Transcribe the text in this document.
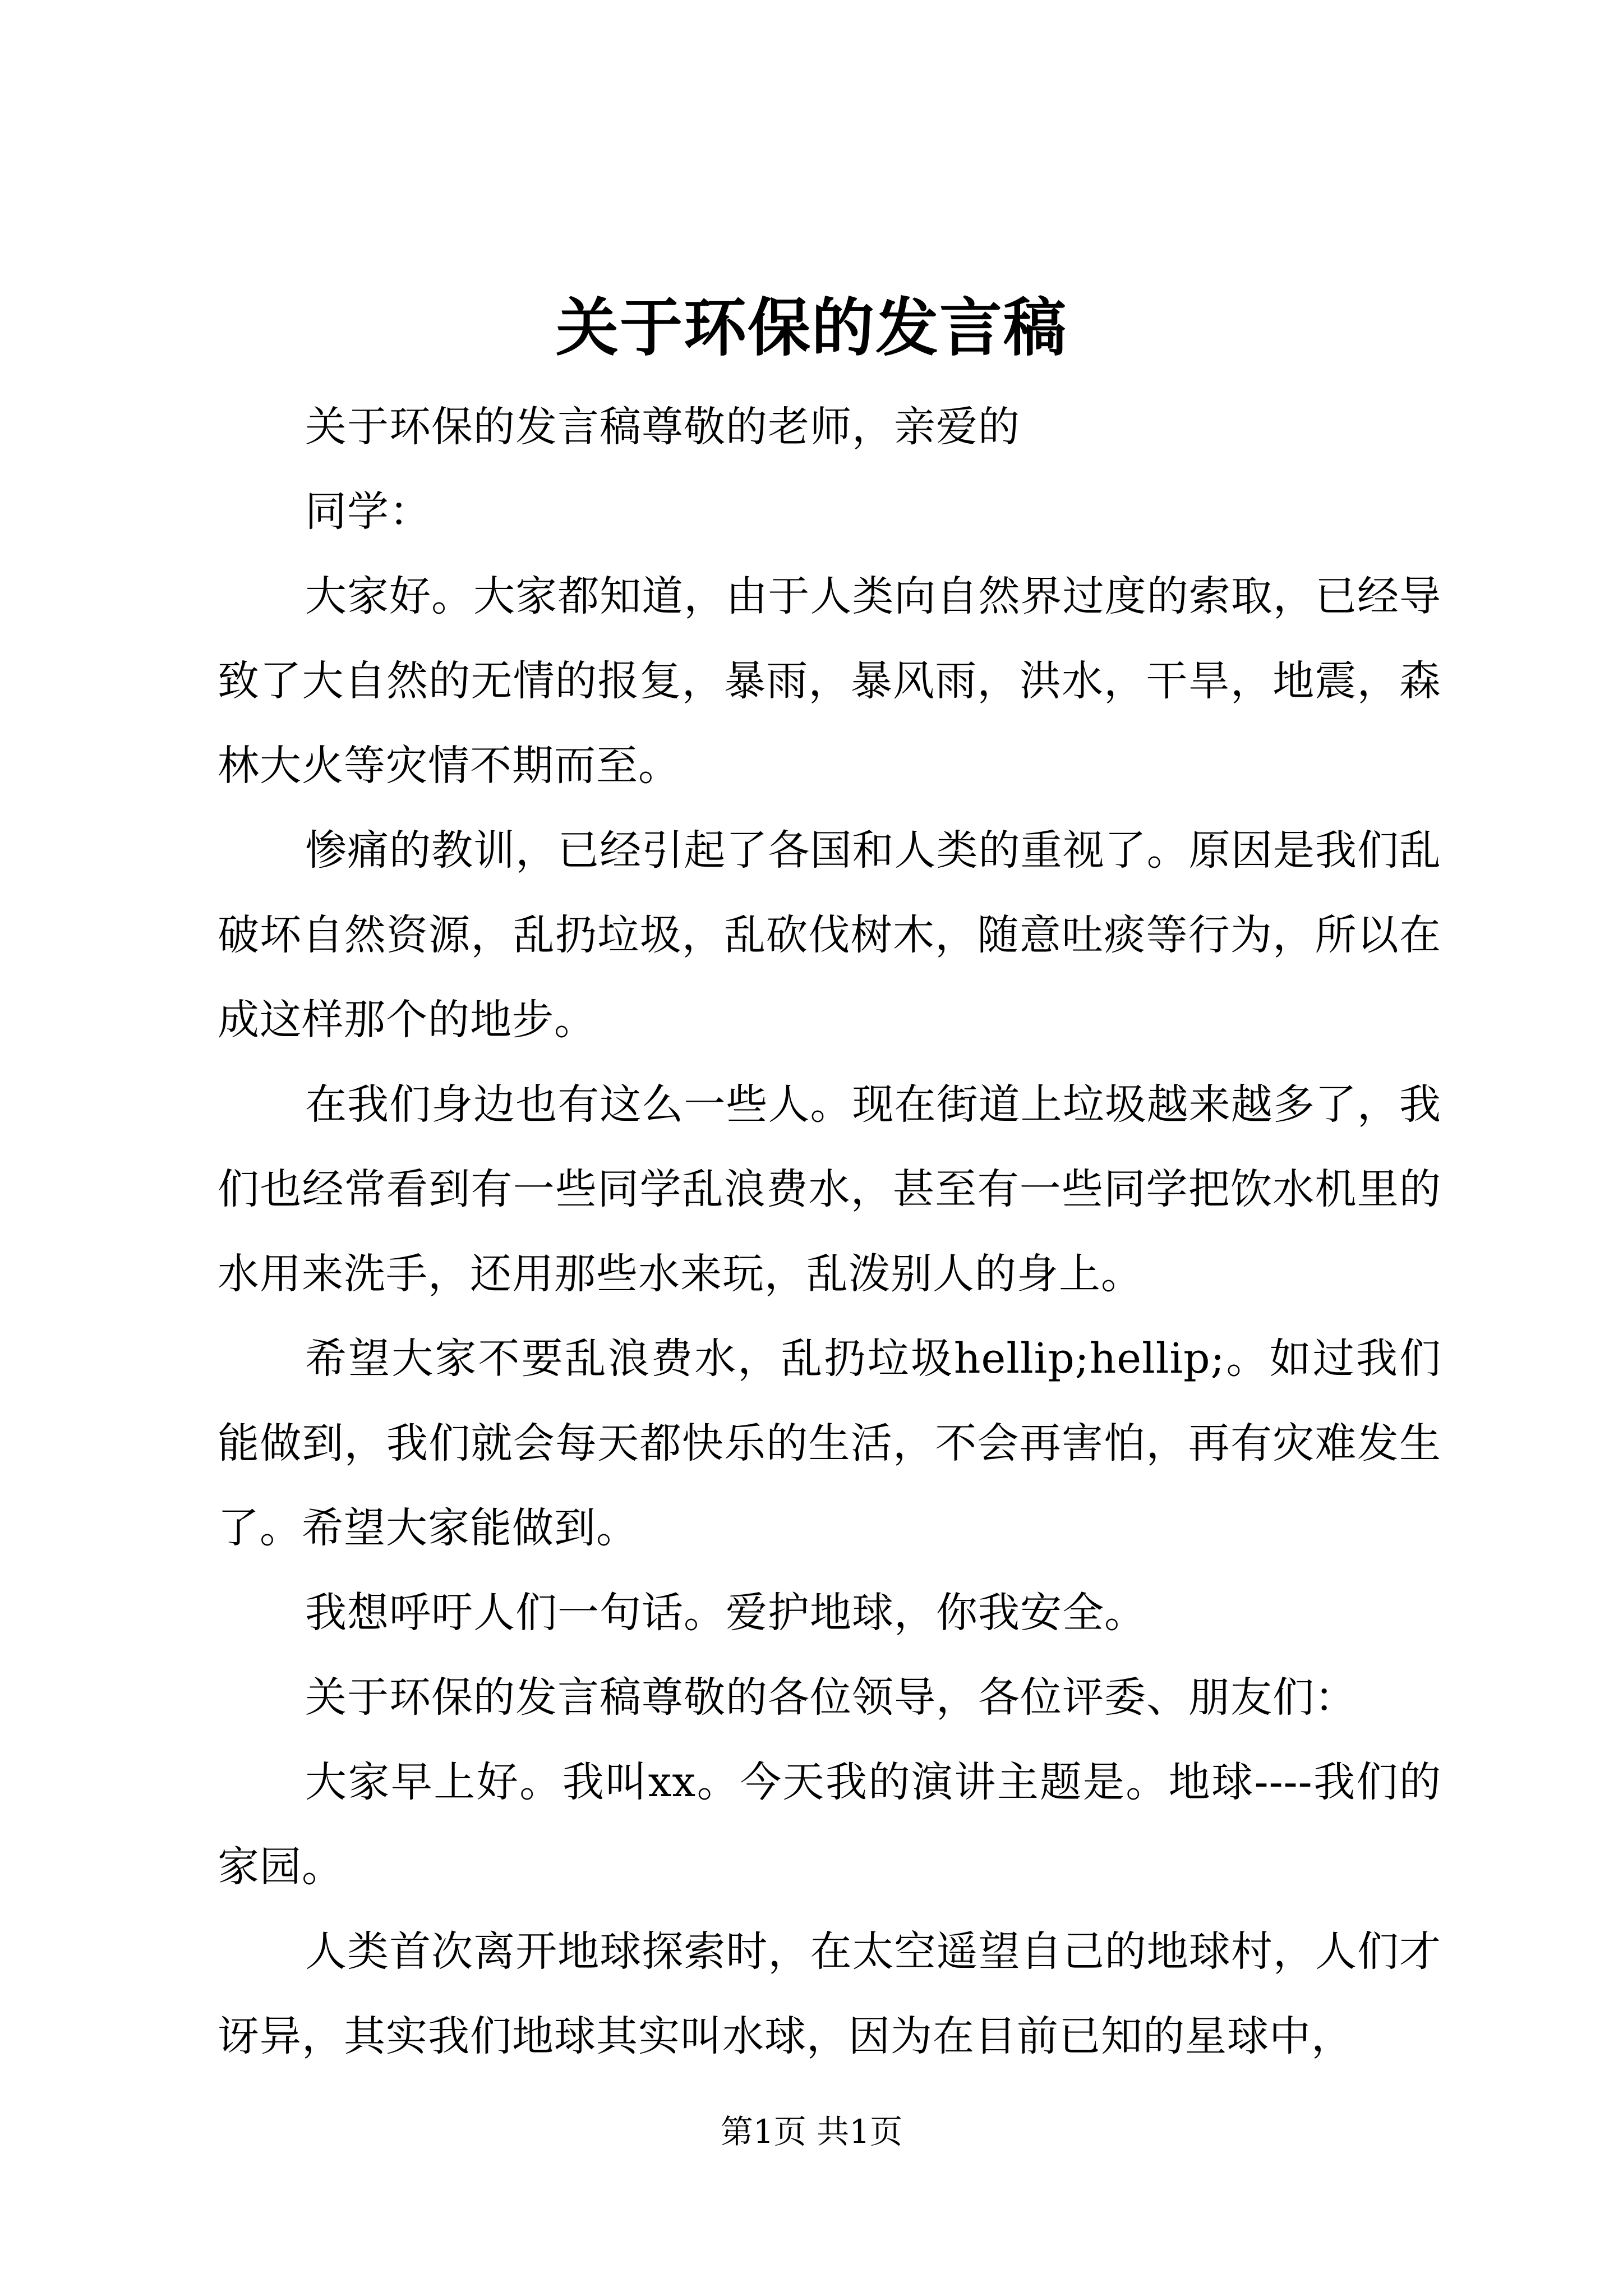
关于环保的发言稿

关于环保的发言稿尊敬的老师，亲爱的

同学：

大家好。大家都知道，由于人类向自然界过度的索取，已经导致了大自然的无情的报复，暴雨，暴风雨，洪水，干旱，地震，森林大火等灾情不期而至。

惨痛的教训，已经引起了各国和人类的重视了。原因是我们乱破坏自然资源，乱扔垃圾，乱砍伐树木，随意吐痰等行为，所以在成这样那个的地步。

在我们身边也有这么一些人。现在街道上垃圾越来越多了，我们也经常看到有一些同学乱浪费水，甚至有一些同学把饮水机里的水用来洗手，还用那些水来玩，乱泼别人的身上。

希望大家不要乱浪费水，乱扔垃圾hellip;hellip;。如过我们能做到，我们就会每天都快乐的生活，不会再害怕，再有灾难发生了。希望大家能做到。

我想呼吁人们一句话。爱护地球，你我安全。

关于环保的发言稿尊敬的各位领导，各位评委、朋友们：

大家早上好。我叫xx。今天我的演讲主题是。地球----我们的家园。

人类首次离开地球探索时，在太空遥望自己的地球村，人们才讶异，其实我们地球其实叫水球，因为在目前已知的星球中，

第1页 共1页
